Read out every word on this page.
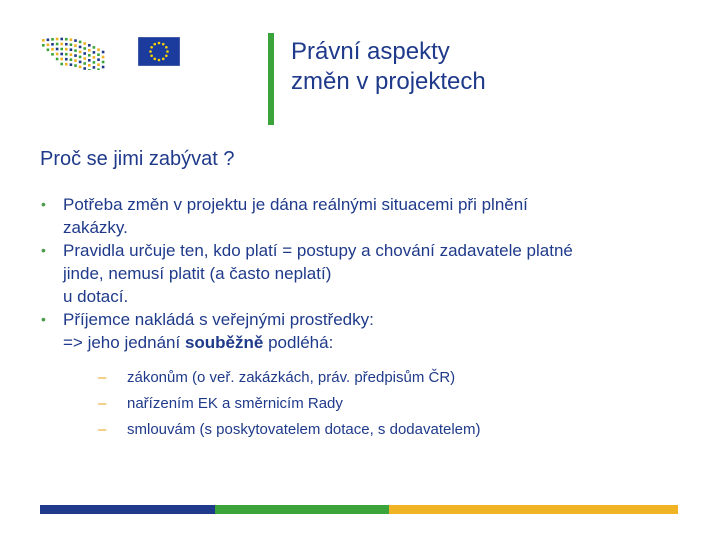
Právní aspekty
změn v projektech
Proč se jimi zabývat ?
• Potřeba změn v projektu je dána reálnými situacemi při plnění
zakázky.
• Pravidla určuje ten, kdo platí = postupy a chování zadavatele platné
jinde, nemusí platit (a často neplatí)
u dotací.
• Příjemce nakládá s veřejnými prostředky:
=> jeho jednání souběžně podléhá:
– zákonům (o veř. zakázkách, práv. předpisům ČR)
– nařízením EK a směrnicím Rady
– smlouvám (s poskytovatelem dotace, s dodavatelem)
